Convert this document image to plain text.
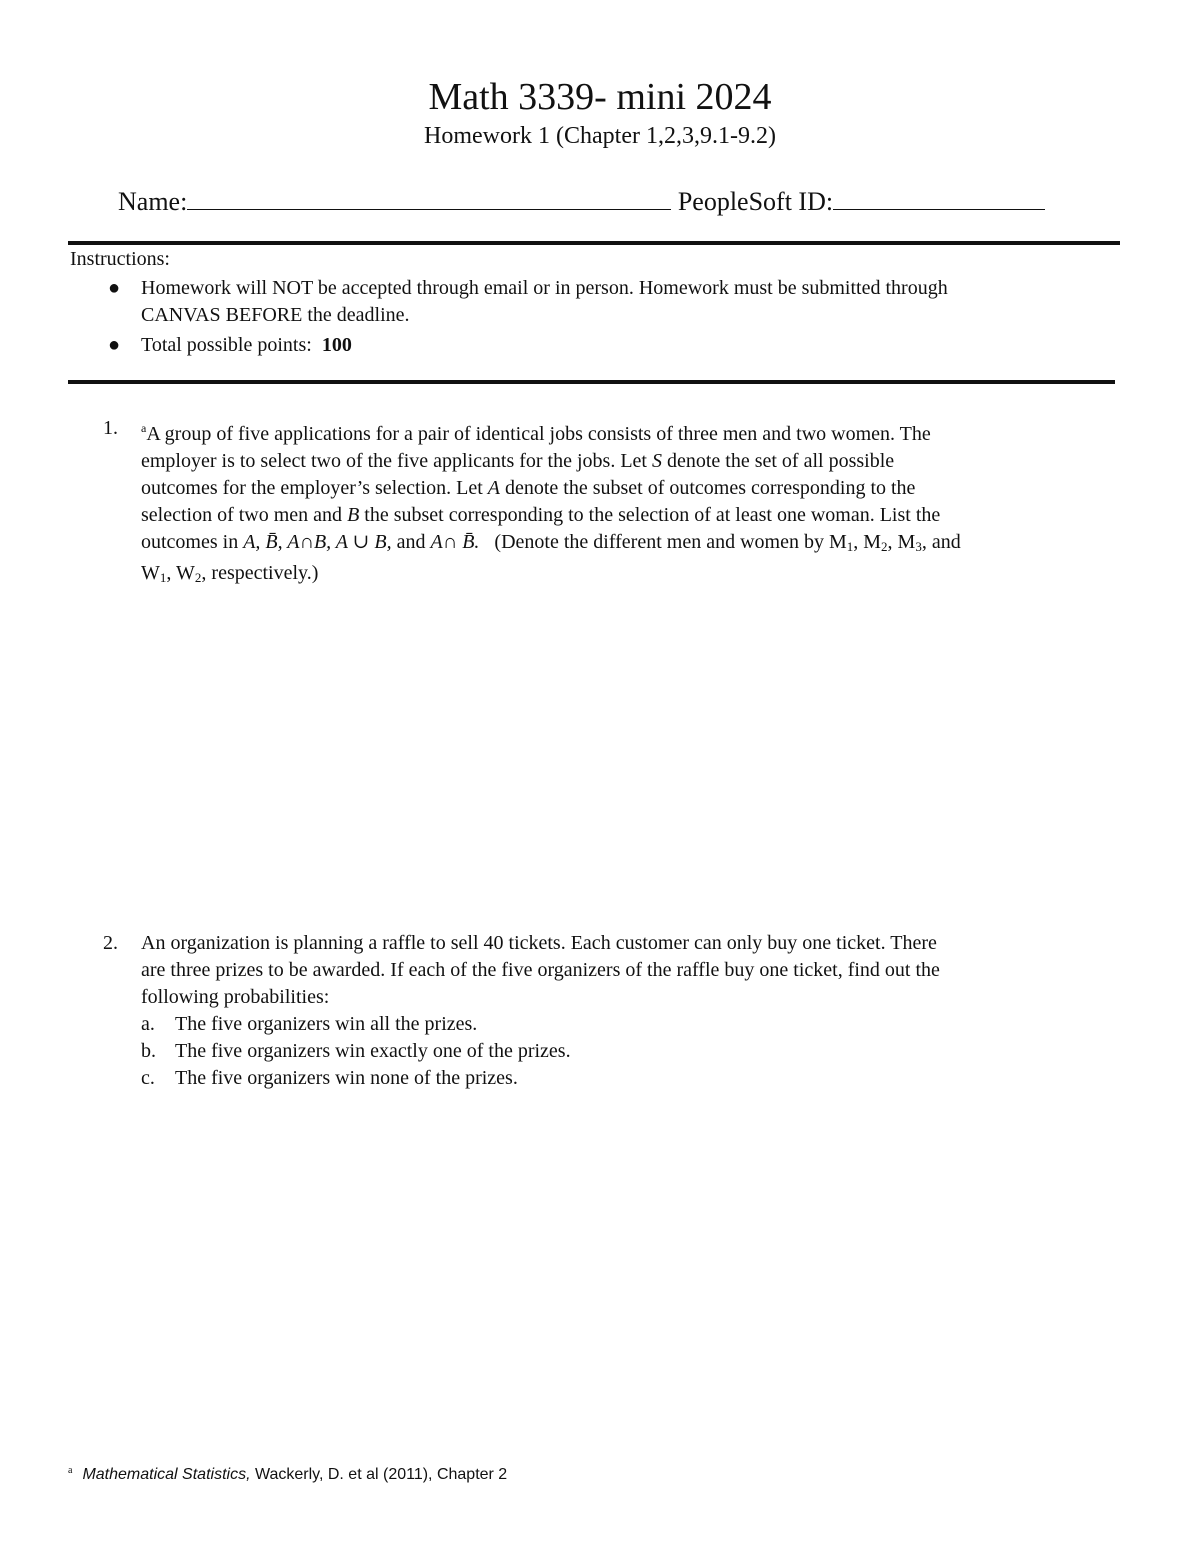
Math 3339- mini 2024
Homework 1 (Chapter 1,2,3,9.1-9.2)
Name:	PeopleSoft ID:
Instructions:
● Homework will NOT be accepted through email or in person. Homework must be submitted through
CANVAS BEFORE the deadline.
● Total possible points: 100
1. $^a$A group of five applications for a pair of identical jobs consists of three men and two women. The
employer is to select two of the five applicants for the jobs. Let S denote the set of all possible
outcomes for the employer’s selection. Let A denote the subset of outcomes corresponding to the
selection of two men and B the subset corresponding to the selection of at least one woman. List the
outcomes in A, B̄, A∩B, A ∪ B, and A∩ B̄. (Denote the different men and women by $M_1$, $M_2$, $M_3$, and
$W_1$, $W_2$, respectively.)
2. An organization is planning a raffle to sell 40 tickets. Each customer can only buy one ticket. There
are three prizes to be awarded. If each of the five organizers of the raffle buy one ticket, find out the
following probabilities:
a. The five organizers win all the prizes.
b. The five organizers win exactly one of the prizes.
c. The five organizers win none of the prizes.
$^a$ Mathematical Statistics, Wackerly, D. et al (2011), Chapter 2
